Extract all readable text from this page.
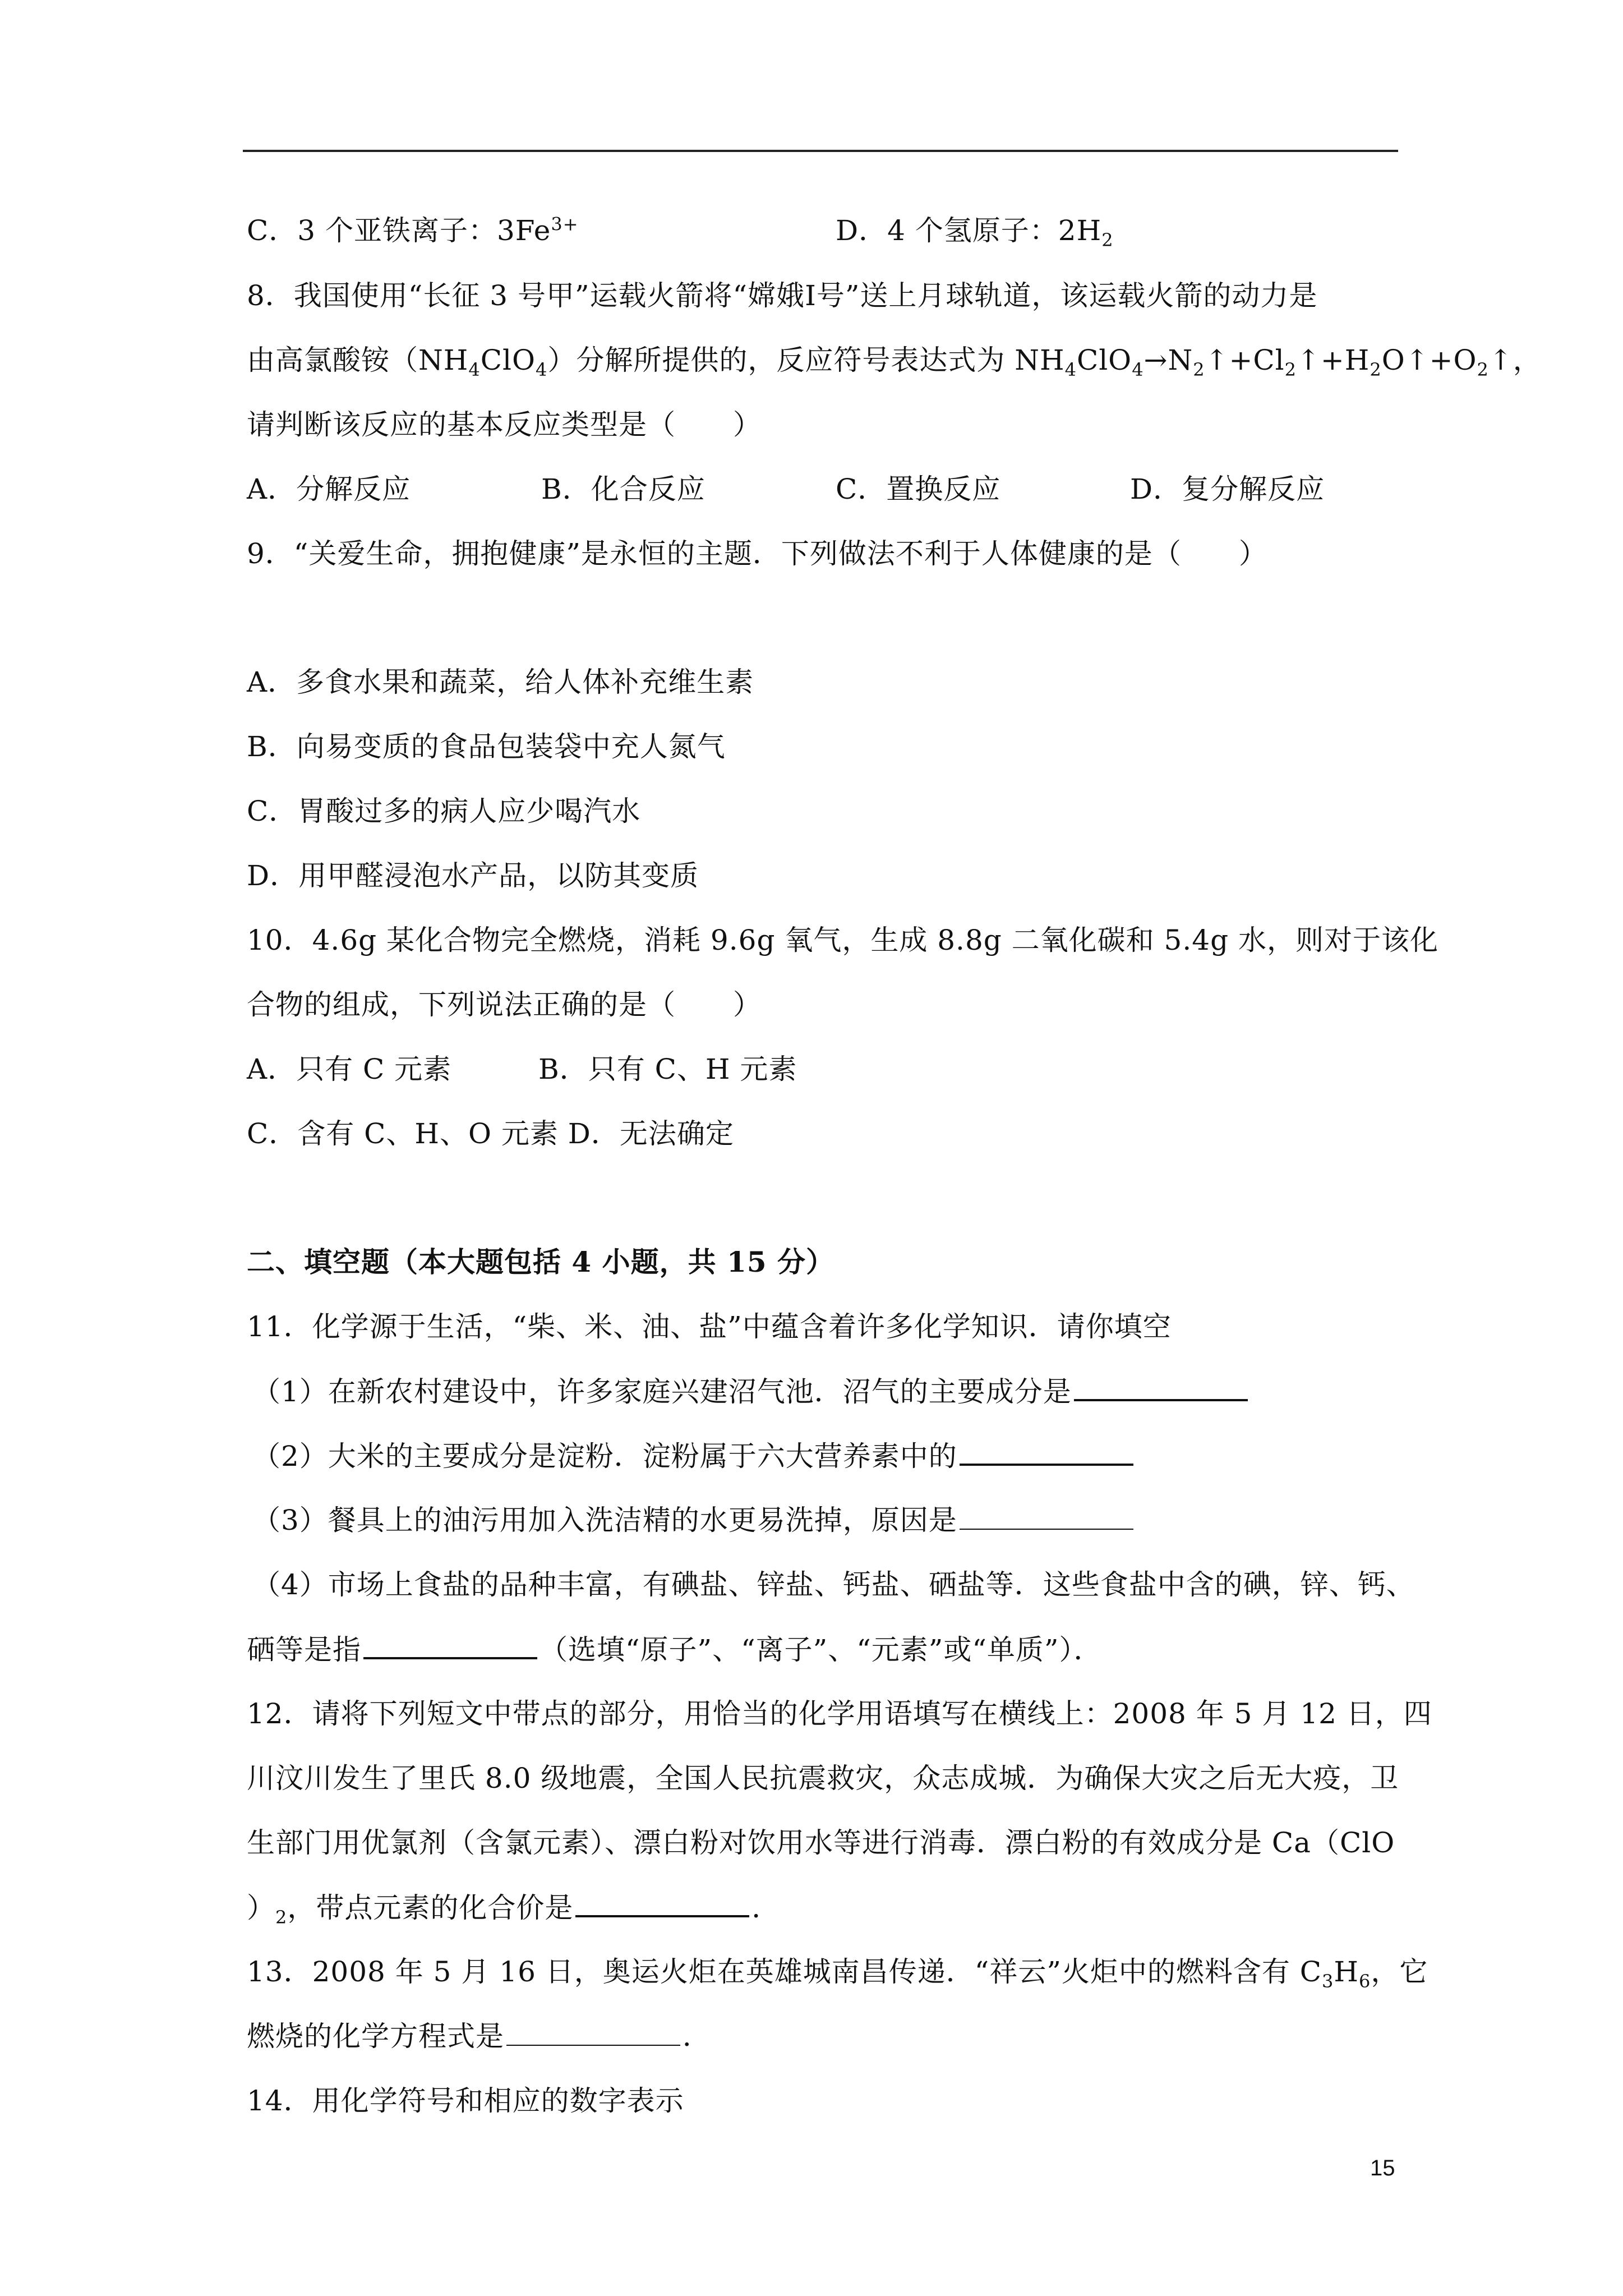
C．3 个亚铁离子：$3Fe^{3+}$	D．4 个氢原子：$2H_2$
8．我国使用“长征 3 号甲”运载火箭将“嫦娥Ⅰ号”送上月球轨道，该运载火箭的动力是
由高氯酸铵$(NH_4ClO_4)$分解所提供的，反应符号表达式为 $NH_4ClO_4\to N_2↑+Cl_2↑+H_2O↑+O_2↑$，
请判断该反应的基本反应类型是（　　）
A．分解反应	B．化合反应	C．置换反应	D．复分解反应
9．“关爱生命，拥抱健康”是永恒的主题．下列做法不利于人体健康的是（　　）
A．多食水果和蔬菜，给人体补充维生素
B．向易变质的食品包装袋中充人氮气
C．胃酸过多的病人应少喝汽水
D．用甲醛浸泡水产品，以防其变质
10．4.6g 某化合物完全燃烧，消耗 9.6g 氧气，生成 8.8g 二氧化碳和 5.4g 水，则对于该化
合物的组成，下列说法正确的是（　　）
A．只有 C 元素	B．只有 C、H 元素
C．含有 C、H、O 元素 D．无法确定
二、填空题（本大题包括 4 小题，共 15 分）
11．化学源于生活，“柴、米、油、盐”中蕴含着许多化学知识．请你填空
（1）在新农村建设中，许多家庭兴建沼气池．沼气的主要成分是
（2）大米的主要成分是淀粉．淀粉属于六大营养素中的
（3）餐具上的油污用加入洗洁精的水更易洗掉，原因是
（4）市场上食盐的品种丰富，有碘盐、锌盐、钙盐、硒盐等．这些食盐中含的碘，锌、钙、
硒等是指	（选填“原子”、“离子”、“元素”或“单质”）．
12．请将下列短文中带点的部分，用恰当的化学用语填写在横线上：2008 年 5 月 12 日，四
川汶川发生了里氏 8.0 级地震，全国人民抗震救灾，众志成城．为确保大灾之后无大疫，卫
生部门用优氯剂（含氯元素）、漂白粉对饮用水等进行消毒．漂白粉的有效成分是 Ca（ClO
）$_2$，带点元素的化合价是	．
13．2008 年 5 月 16 日，奥运火炬在英雄城南昌传递．“祥云”火炬中的燃料含有 $C_3H_6$，它
燃烧的化学方程式是	．
14．用化学符号和相应的数字表示
15
